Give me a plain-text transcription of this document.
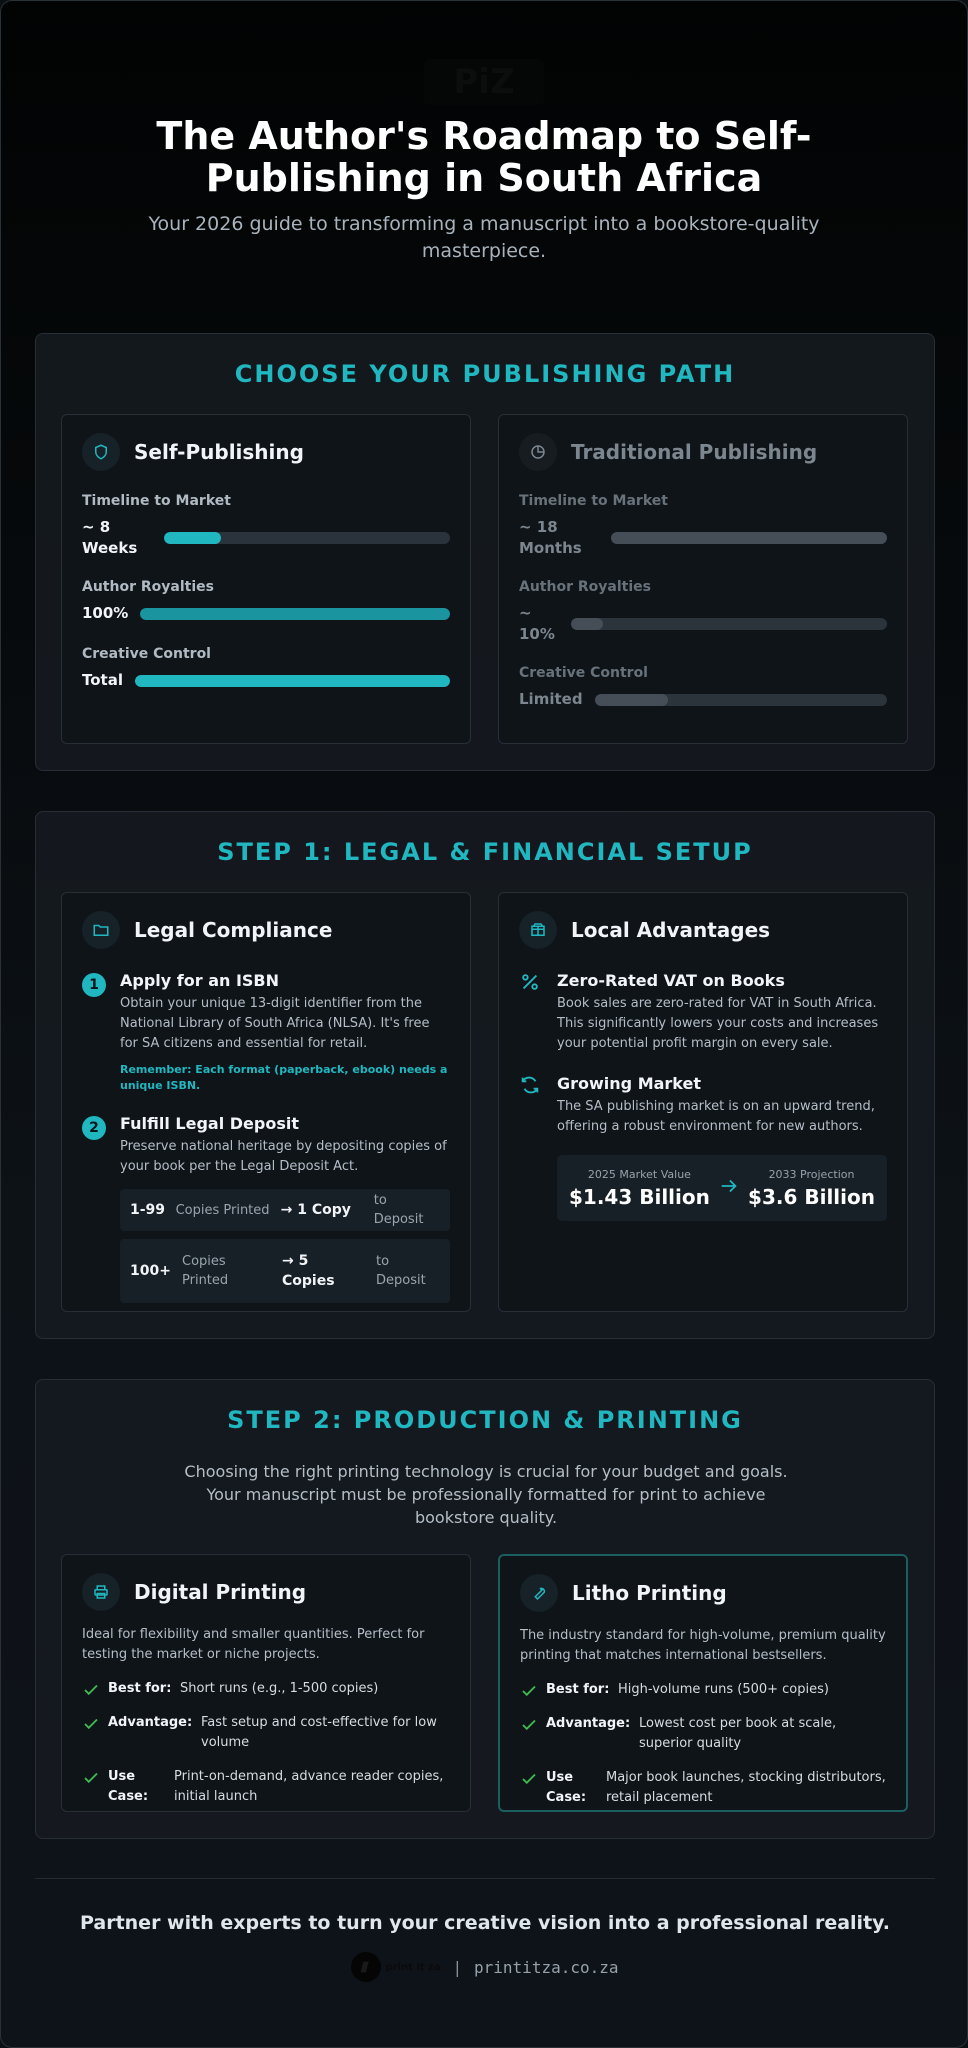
PiZ
The Author's Roadmap to Self-Publishing in South Africa

Your 2026 guide to transforming a manuscript into a bookstore-quality masterpiece.

CHOOSE YOUR PUBLISHING PATH
Self-Publishing
Timeline to Market
~ 8 Weeks
Author Royalties
100%
Creative Control
Total
Traditional Publishing
Timeline to Market
~ 18 Months
Author Royalties
~ 10%
Creative Control
Limited
STEP 1: LEGAL & FINANCIAL SETUP
Legal Compliance
1	Apply for an ISBN
Obtain your unique 13-digit identifier from the National Library of South Africa (NLSA). It's free for SA citizens and essential for retail.
Remember: Each format (paperback, ebook) needs a unique ISBN.
2	Fulfill Legal Deposit
Preserve national heritage by depositing copies of your book per the Legal Deposit Act.
1-99 Copies Printed → 1 Copy
to Deposit
100+
Copies Printed
→ 5 Copies
to Deposit
Local Advantages
Zero-Rated VAT on Books
Book sales are zero-rated for VAT in South Africa. This significantly lowers your costs and increases your potential profit margin on every sale.
Growing Market
The SA publishing market is on an upward trend, offering a robust environment for new authors.
2025 Market Value
$1.43 Billion
2033 Projection
$3.6 Billion
STEP 2: PRODUCTION & PRINTING
Choosing the right printing technology is crucial for your budget and goals. Your manuscript must be professionally formatted for print to achieve bookstore quality.
Digital Printing
Ideal for flexibility and smaller quantities. Perfect for testing the market or niche projects.
Best for: Short runs (e.g., 1-500 copies)
Advantage: Fast setup and cost-effective for low volume
Use Case:
Print-on-demand, advance reader copies, initial launch
Litho Printing
The industry standard for high-volume, premium quality printing that matches international bestsellers.
Best for: High-volume runs (500+ copies)
Advantage: Lowest cost per book at scale, superior quality
Use Case:
Major book launches, stocking distributors, retail placement
Partner with experts to turn your creative vision into a professional reality.
print it za | printitza.co.za
